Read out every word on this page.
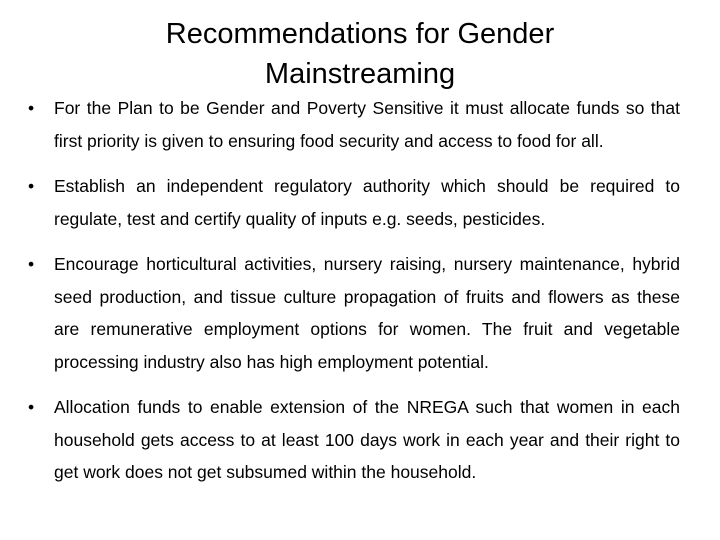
Recommendations for Gender Mainstreaming
•	For the Plan to be Gender and Poverty Sensitive it must allocate funds so that first priority is given to ensuring food security and access to food for all.
•	Establish an independent regulatory authority which should be required to regulate, test and certify quality of inputs e.g. seeds, pesticides.
•	Encourage horticultural activities, nursery raising, nursery maintenance, hybrid seed production, and tissue culture propagation of fruits and flowers as these are remunerative employment options for women. The fruit and vegetable processing industry also has high employment potential.
•	Allocation funds to enable extension of the NREGA such that women in each household gets access to at least 100 days work in each year and their right to get work does not get subsumed within the household.
